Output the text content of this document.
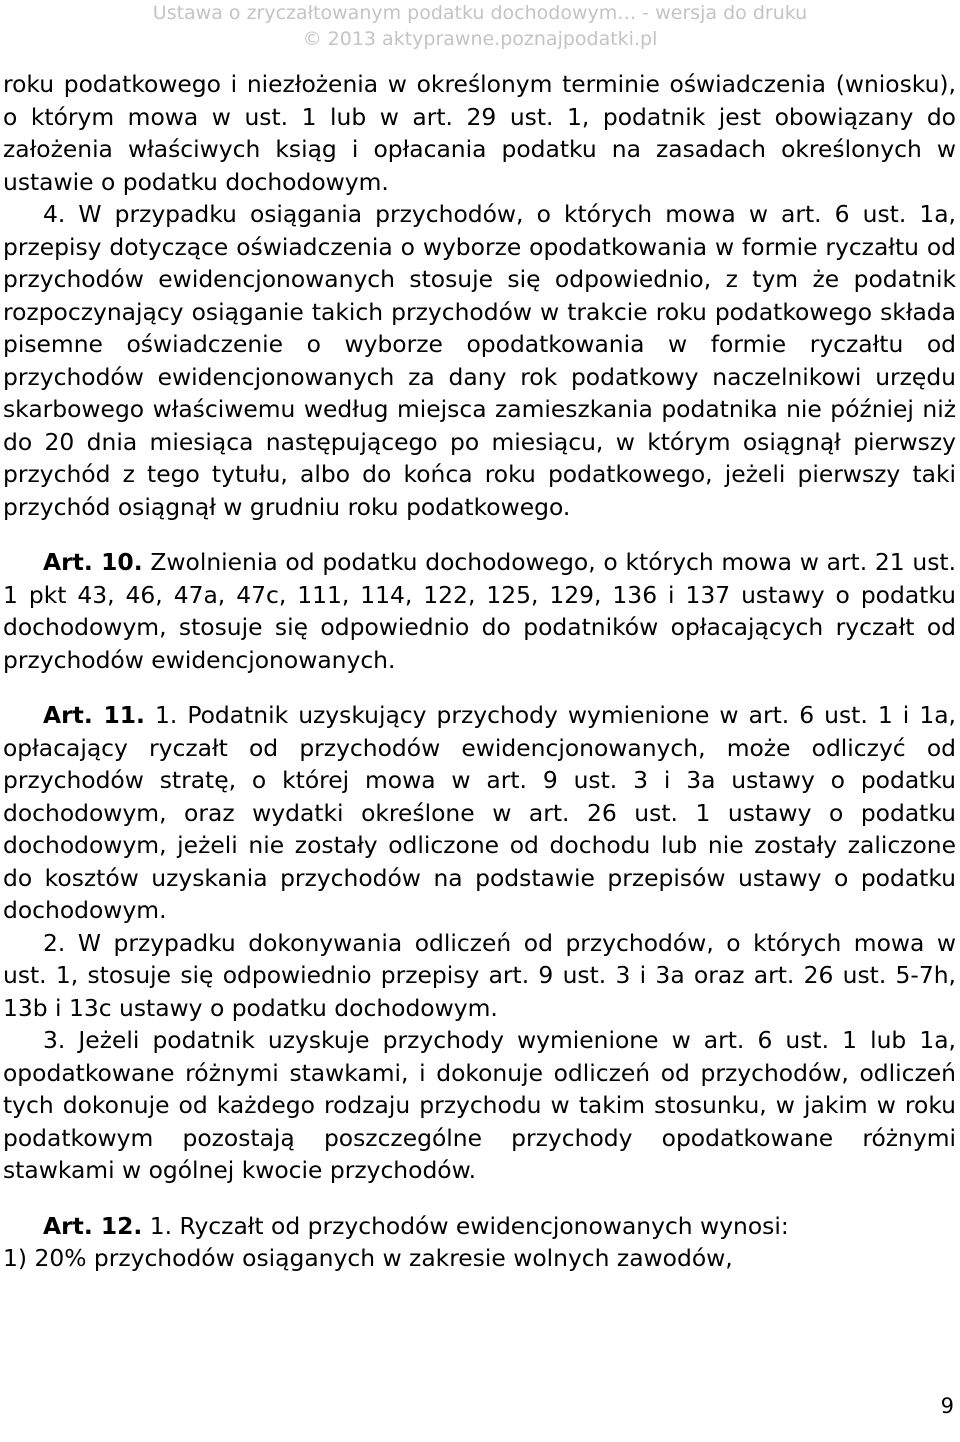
Ustawa o zryczałtowanym podatku dochodowym… - wersja do druku
© 2013 aktyprawne.poznajpodatki.pl

roku podatkowego i niezłożenia w określonym terminie oświadczenia (wniosku), o którym mowa w ust. 1 lub w art. 29 ust. 1, podatnik jest obowiązany do założenia właściwych ksiąg i opłacania podatku na zasadach określonych w ustawie o podatku dochodowym.

4. W przypadku osiągania przychodów, o których mowa w art. 6 ust. 1a, przepisy dotyczące oświadczenia o wyborze opodatkowania w formie ryczałtu od przychodów ewidencjonowanych stosuje się odpowiednio, z tym że podatnik rozpoczynający osiąganie takich przychodów w trakcie roku podatkowego składa pisemne oświadczenie o wyborze opodatkowania w formie ryczałtu od przychodów ewidencjonowanych za dany rok podatkowy naczelnikowi urzędu skarbowego właściwemu według miejsca zamieszkania podatnika nie później niż do 20 dnia miesiąca następującego po miesiącu, w którym osiągnął pierwszy przychód z tego tytułu, albo do końca roku podatkowego, jeżeli pierwszy taki przychód osiągnął w grudniu roku podatkowego.

Art. 10. Zwolnienia od podatku dochodowego, o których mowa w art. 21 ust. 1 pkt 43, 46, 47a, 47c, 111, 114, 122, 125, 129, 136 i 137 ustawy o podatku dochodowym, stosuje się odpowiednio do podatników opłacających ryczałt od przychodów ewidencjonowanych.

Art. 11. 1. Podatnik uzyskujący przychody wymienione w art. 6 ust. 1 i 1a, opłacający ryczałt od przychodów ewidencjonowanych, może odliczyć od przychodów stratę, o której mowa w art. 9 ust. 3 i 3a ustawy o podatku dochodowym, oraz wydatki określone w art. 26 ust. 1 ustawy o podatku dochodowym, jeżeli nie zostały odliczone od dochodu lub nie zostały zaliczone do kosztów uzyskania przychodów na podstawie przepisów ustawy o podatku dochodowym.

2. W przypadku dokonywania odliczeń od przychodów, o których mowa w ust. 1, stosuje się odpowiednio przepisy art. 9 ust. 3 i 3a oraz art. 26 ust. 5-7h, 13b i 13c ustawy o podatku dochodowym.

3. Jeżeli podatnik uzyskuje przychody wymienione w art. 6 ust. 1 lub 1a, opodatkowane różnymi stawkami, i dokonuje odliczeń od przychodów, odliczeń tych dokonuje od każdego rodzaju przychodu w takim stosunku, w jakim w roku podatkowym pozostają poszczególne przychody opodatkowane różnymi stawkami w ogólnej kwocie przychodów.

Art. 12. 1. Ryczałt od przychodów ewidencjonowanych wynosi:

1) 20% przychodów osiąganych w zakresie wolnych zawodów,

9
